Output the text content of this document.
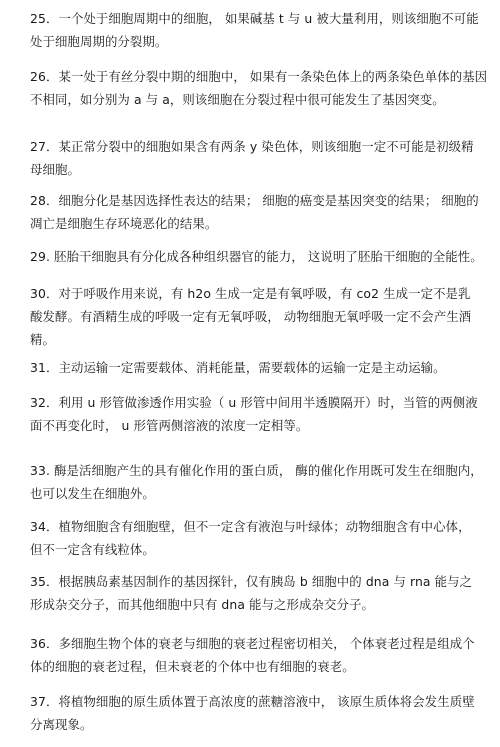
25．一个处于细胞周期中的细胞， 如果碱基 t 与 u 被大量利用，则该细胞不可能
处于细胞周期的分裂期。
26．某一处于有丝分裂中期的细胞中， 如果有一条染色体上的两条染色单体的基因
不相同，如分别为 a 与 a，则该细胞在分裂过程中很可能发生了基因突变。
27．某正常分裂中的细胞如果含有两条 y 染色体，则该细胞一定不可能是初级精
母细胞。
28．细胞分化是基因选择性表达的结果； 细胞的癌变是基因突变的结果； 细胞的
凋亡是细胞生存环境恶化的结果。
29. 胚胎干细胞具有分化成各种组织器官的能力， 这说明了胚胎干细胞的全能性。
30．对于呼吸作用来说，有 h2o 生成一定是有氧呼吸，有 co2 生成一定不是乳
酸发酵。有酒精生成的呼吸一定有无氧呼吸， 动物细胞无氧呼吸一定不会产生酒
精。
31．主动运输一定需要载体、消耗能量，需要载体的运输一定是主动运输。
32．利用 u 形管做渗透作用实验（ u 形管中间用半透膜隔开）时，当管的两侧液
面不再变化时， u 形管两侧溶液的浓度一定相等。
33. 酶是活细胞产生的具有催化作用的蛋白质， 酶的催化作用既可发生在细胞内，
也可以发生在细胞外。
34．植物细胞含有细胞壁，但不一定含有液泡与叶绿体；动物细胞含有中心体，
但不一定含有线粒体。
35．根据胰岛素基因制作的基因探针，仅有胰岛 b 细胞中的 dna 与 rna 能与之
形成杂交分子，而其他细胞中只有 dna 能与之形成杂交分子。
36．多细胞生物个体的衰老与细胞的衰老过程密切相关， 个体衰老过程是组成个
体的细胞的衰老过程，但未衰老的个体中也有细胞的衰老。
37．将植物细胞的原生质体置于高浓度的蔗糖溶液中， 该原生质体将会发生质壁
分离现象。
